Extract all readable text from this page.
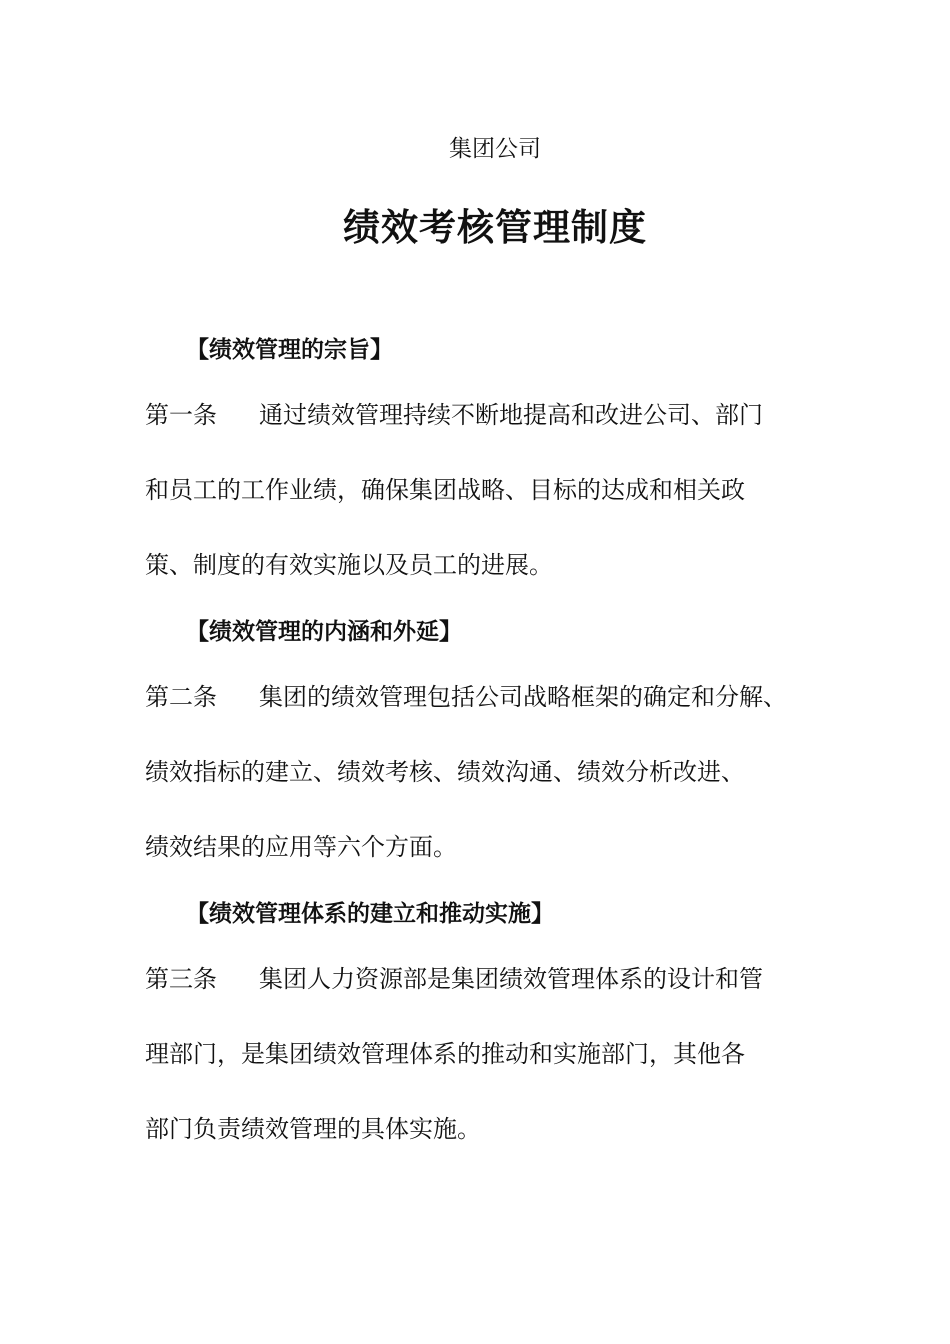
集团公司
绩效考核管理制度
【绩效管理的宗旨】
第一条 通过绩效管理持续不断地提高和改进公司、部门
和员工的工作业绩，确保集团战略、目标的达成和相关政
策、制度的有效实施以及员工的进展。
【绩效管理的内涵和外延】
第二条 集团的绩效管理包括公司战略框架的确定和分解、
绩效指标的建立、绩效考核、绩效沟通、绩效分析改进、
绩效结果的应用等六个方面。
【绩效管理体系的建立和推动实施】
第三条 集团人力资源部是集团绩效管理体系的设计和管
理部门，是集团绩效管理体系的推动和实施部门，其他各
部门负责绩效管理的具体实施。
